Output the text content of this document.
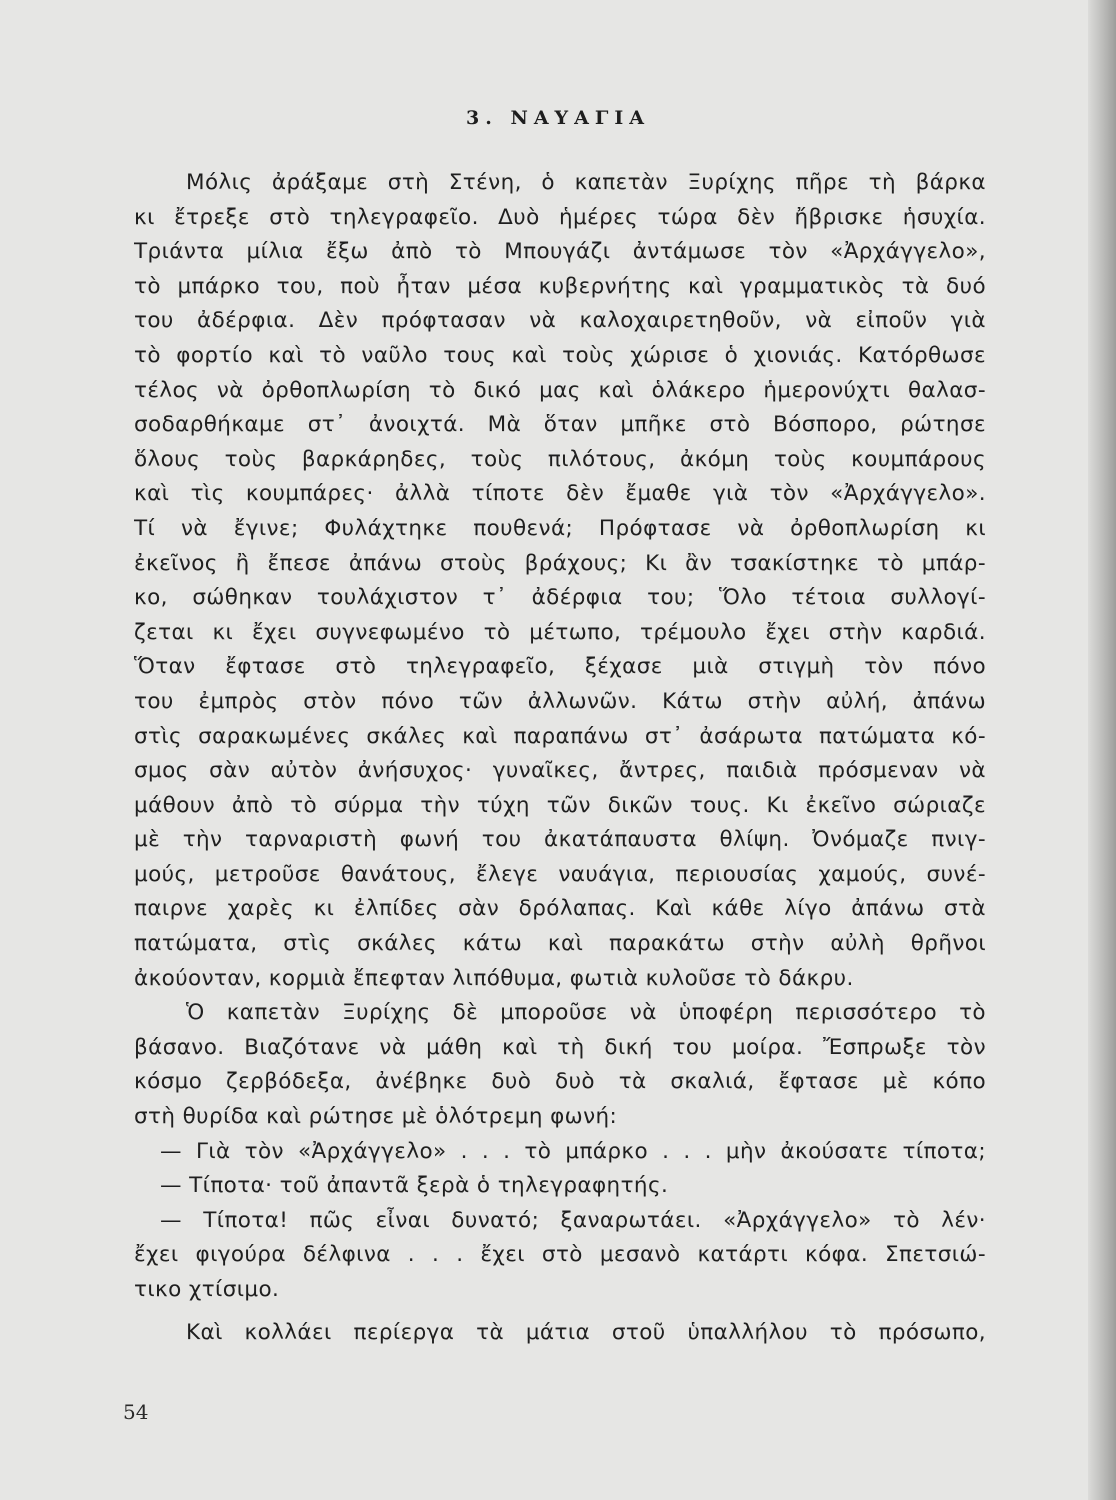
3. ΝΑΥΑΓΙΑ
Μόλις ἀράξαμε στὴ Στένη, ὁ καπετὰν Ξυρίχης πῆρε τὴ βάρκα
κι ἔτρεξε στὸ τηλεγραφεῖο. Δυὸ ἡμέρες τώρα δὲν ἤβρισκε ἡσυχία.
Τριάντα μίλια ἔξω ἀπὸ τὸ Μπουγάζι ἀντάμωσε τὸν «Ἀρχάγγελο»,
τὸ μπάρκο του, ποὺ ἦταν μέσα κυβερνήτης καὶ γραμματικὸς τὰ δυό
του ἀδέρφια. Δὲν πρόφτασαν νὰ καλοχαιρετηθοῦν, νὰ εἰποῦν γιὰ
τὸ φορτίο καὶ τὸ ναῦλο τους καὶ τοὺς χώρισε ὁ χιονιάς. Κατόρθωσε
τέλος νὰ ὀρθοπλωρίση τὸ δικό μας καὶ ὁλάκερο ἡμερονύχτι θαλασ-
σοδαρθήκαμε στ᾽ ἀνοιχτά. Μὰ ὅταν μπῆκε στὸ Βόσπορο, ρώτησε
ὅλους τοὺς βαρκάρηδες, τοὺς πιλότους, ἀκόμη τοὺς κουμπάρους
καὶ τὶς κουμπάρες· ἀλλὰ τίποτε δὲν ἔμαθε γιὰ τὸν «Ἀρχάγγελο».
Τί νὰ ἔγινε; Φυλάχτηκε πουθενά; Πρόφτασε νὰ ὀρθοπλωρίση κι
ἐκεῖνος ἢ ἔπεσε ἀπάνω στοὺς βράχους; Κι ἂν τσακίστηκε τὸ μπάρ-
κο, σώθηκαν τουλάχιστον τ᾽ ἀδέρφια του; Ὅλο τέτοια συλλογί-
ζεται κι ἔχει συγνεφωμένο τὸ μέτωπο, τρέμουλο ἔχει στὴν καρδιά.
Ὅταν ἔφτασε στὸ τηλεγραφεῖο, ξέχασε μιὰ στιγμὴ τὸν πόνο
του ἐμπρὸς στὸν πόνο τῶν ἀλλωνῶν. Κάτω στὴν αὐλή, ἀπάνω
στὶς σαρακωμένες σκάλες καὶ παραπάνω στ᾽ ἀσάρωτα πατώματα κό-
σμος σὰν αὐτὸν ἀνήσυχος· γυναῖκες, ἄντρες, παιδιὰ πρόσμεναν νὰ
μάθουν ἀπὸ τὸ σύρμα τὴν τύχη τῶν δικῶν τους. Κι ἐκεῖνο σώριαζε
μὲ τὴν ταρναριστὴ φωνή του ἀκατάπαυστα θλίψη. Ὀνόμαζε πνιγ-
μούς, μετροῦσε θανάτους, ἔλεγε ναυάγια, περιουσίας χαμούς, συνέ-
παιρνε χαρὲς κι ἐλπίδες σὰν δρόλαπας. Καὶ κάθε λίγο ἀπάνω στὰ
πατώματα, στὶς σκάλες κάτω καὶ παρακάτω στὴν αὐλὴ θρῆνοι
ἀκούονταν, κορμιὰ ἔπεφταν λιπόθυμα, φωτιὰ κυλοῦσε τὸ δάκρυ.
Ὁ καπετὰν Ξυρίχης δὲ μποροῦσε νὰ ὑποφέρη περισσότερο τὸ
βάσανο. Βιαζότανε νὰ μάθη καὶ τὴ δική του μοίρα. Ἔσπρωξε τὸν
κόσμο ζερβόδεξα, ἀνέβηκε δυὸ δυὸ τὰ σκαλιά, ἔφτασε μὲ κόπο
στὴ θυρίδα καὶ ρώτησε μὲ ὁλότρεμη φωνή:
— Γιὰ τὸν «Ἀρχάγγελο» . . . τὸ μπάρκο . . . μὴν ἀκούσατε τίποτα;
— Τίποτα· τοῦ ἀπαντᾶ ξερὰ ὁ τηλεγραφητής.
— Τίποτα! πῶς εἶναι δυνατό; ξαναρωτάει. «Ἀρχάγγελο» τὸ λέν·
ἔχει φιγούρα δέλφινα . . . ἔχει στὸ μεσανὸ κατάρτι κόφα. Σπετσιώ-
τικο χτίσιμο.
Καὶ κολλάει περίεργα τὰ μάτια στοῦ ὑπαλλήλου τὸ πρόσωπο,
54
